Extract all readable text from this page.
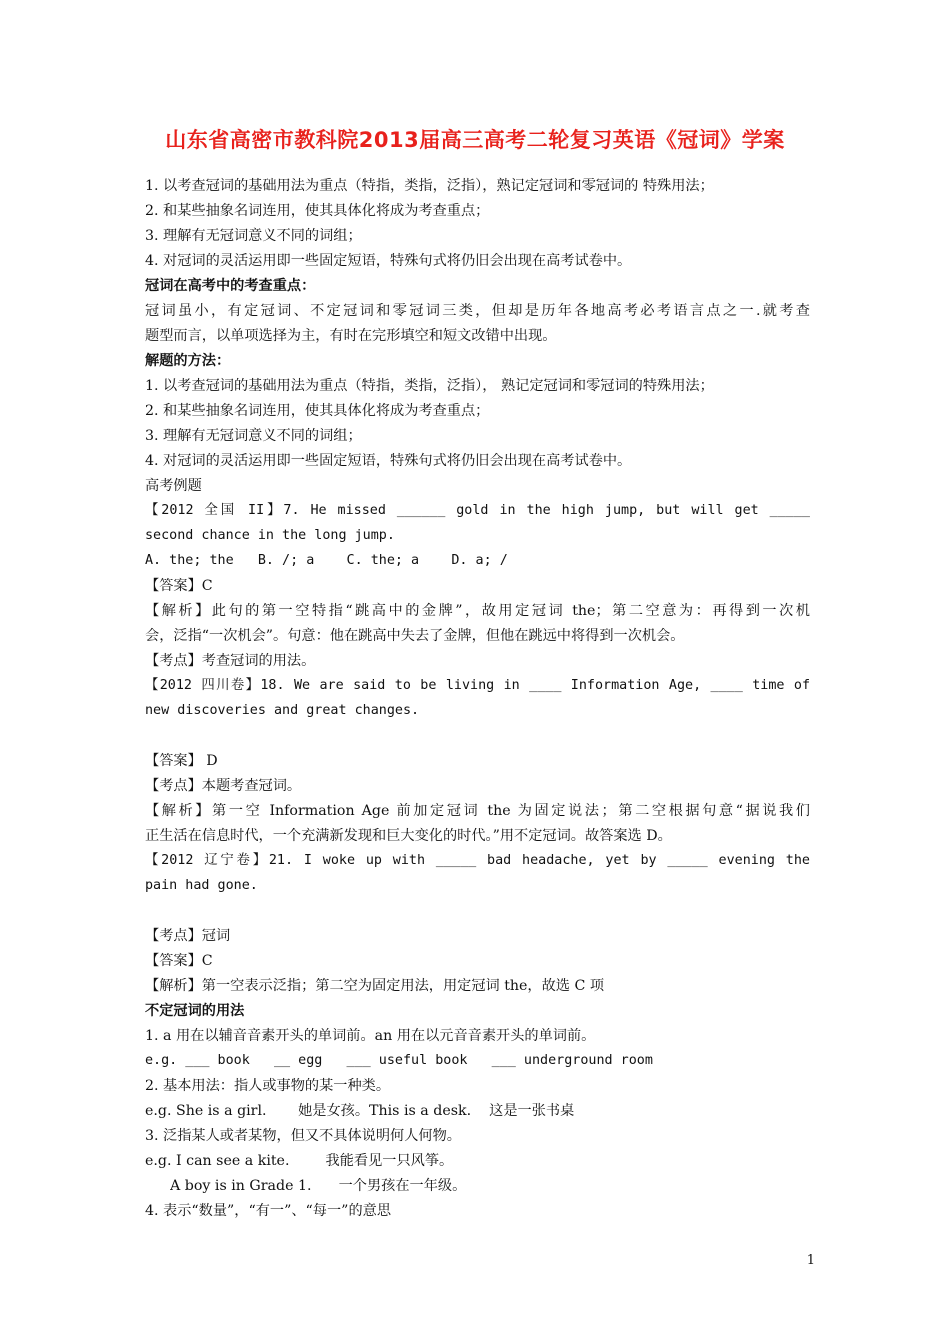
山东省高密市教科院2013届高三高考二轮复习英语《冠词》学案
1. 以考查冠词的基础用法为重点（特指，类指，泛指），熟记定冠词和零冠词的 特殊用法；
2. 和某些抽象名词连用，使其具体化将成为考查重点；
3. 理解有无冠词意义不同的词组；
4. 对冠词的灵活运用即一些固定短语，特殊句式将仍旧会出现在高考试卷中。
冠词在高考中的考查重点：
冠词虽小，有定冠词、不定冠词和零冠词三类，但却是历年各地高考必考语言点之一.就考查
题型而言，以单项选择为主，有时在完形填空和短文改错中出现。
解题的方法：
1. 以考查冠词的基础用法为重点（特指，类指，泛指）， 熟记定冠词和零冠词的特殊用法；
2. 和某些抽象名词连用，使其具体化将成为考查重点；
3. 理解有无冠词意义不同的词组；
4. 对冠词的灵活运用即一些固定短语，特殊句式将仍旧会出现在高考试卷中。
高考例题
【2012 全国 II】7. He missed ______ gold in the high jump, but will get _____
second chance in the long jump.
A. the; the   B. /; a    C. the; a    D. a; /
【答案】C
【解析】此句的第一空特指“跳高中的金牌”，故用定冠词 the；第二空意为：再得到一次机
会，泛指“一次机会”。句意：他在跳高中失去了金牌，但他在跳远中将得到一次机会。
【考点】考查冠词的用法。
【2012 四川卷】18. We are said to be living in ____ Information Age, ____ time of
new discoveries and great changes.
【答案】 D
【考点】本题考查冠词。
【解析】第一空 Information Age 前加定冠词 the 为固定说法；第二空根据句意“据说我们
正生活在信息时代，一个充满新发现和巨大变化的时代。”用不定冠词。故答案选 D。
【2012 辽宁卷】21. I woke up with _____ bad headache, yet by _____ evening the
pain had gone.
【考点】冠词
【答案】C
【解析】第一空表示泛指；第二空为固定用法，用定冠词 the，故选 C 项
不定冠词的用法
1. a 用在以辅音音素开头的单词前。an 用在以元音音素开头的单词前。
e.g. ___ book   __ egg   ___ useful book   ___ underground room
2. 基本用法：指人或事物的某一种类。
e.g. She is a girl.       她是女孩。This is a desk.    这是一张书桌
3. 泛指某人或者某物，但又不具体说明何人何物。
e.g. I can see a kite.        我能看见一只风筝。
A boy is in Grade 1.      一个男孩在一年级。
4. 表示“数量”，“有一”、“每一”的意思
1
